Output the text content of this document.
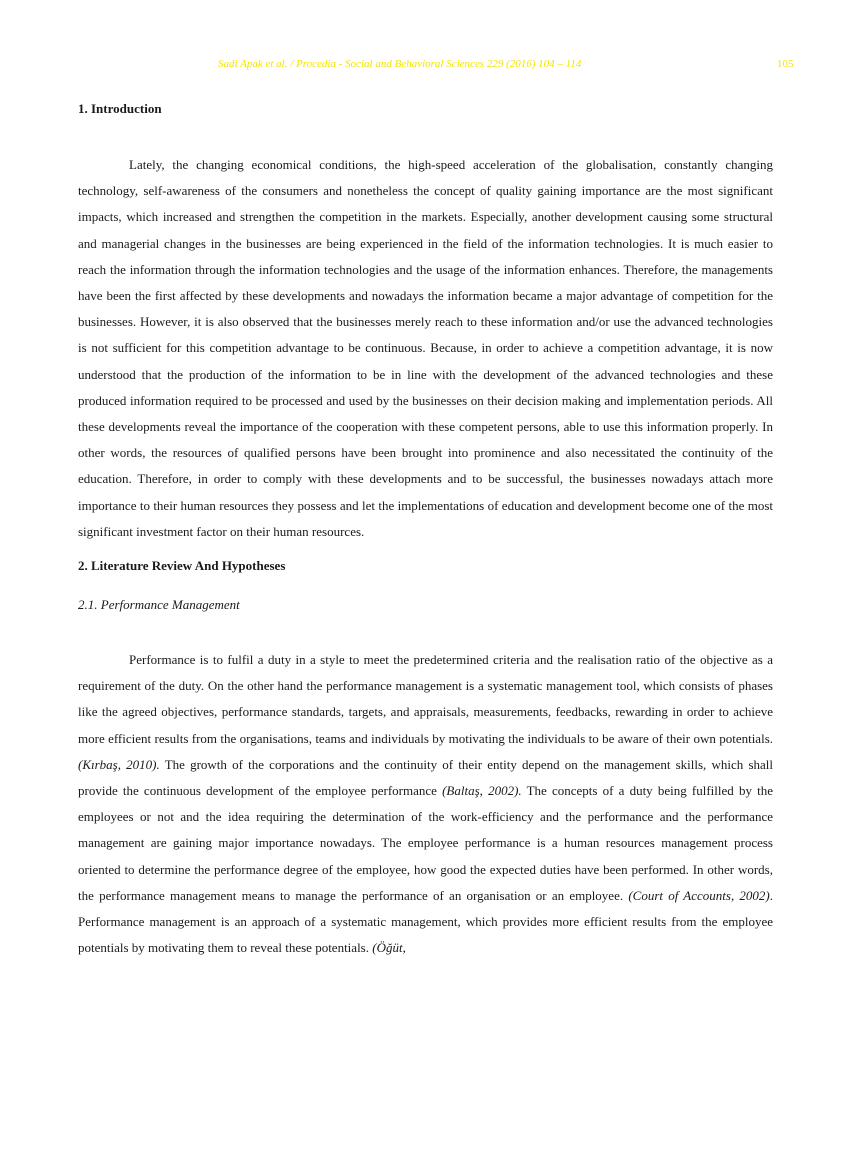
Sadi Apak et al. / Procedia - Social and Behavioral Sciences 229 (2016) 104 – 114	105
1. Introduction

Lately, the changing economical conditions, the high-speed acceleration of the globalisation, constantly changing technology, self-awareness of the consumers and nonetheless the concept of quality gaining importance are the most significant impacts, which increased and strengthen the competition in the markets. Especially, another development causing some structural and managerial changes in the businesses are being experienced in the field of the information technologies. It is much easier to reach the information through the information technologies and the usage of the information enhances. Therefore, the managements have been the first affected by these developments and nowadays the information became a major advantage of competition for the businesses. However, it is also observed that the businesses merely reach to these information and/or use the advanced technologies is not sufficient for this competition advantage to be continuous. Because, in order to achieve a competition advantage, it is now understood that the production of the information to be in line with the development of the advanced technologies and these produced information required to be processed and used by the businesses on their decision making and implementation periods. All these developments reveal the importance of the cooperation with these competent persons, able to use this information properly. In other words, the resources of qualified persons have been brought into prominence and also necessitated the continuity of the education. Therefore, in order to comply with these developments and to be successful, the businesses nowadays attach more importance to their human resources they possess and let the implementations of education and development become one of the most significant investment factor on their human resources.

2. Literature Review And Hypotheses
2.1. Performance Management

Performance is to fulfil a duty in a style to meet the predetermined criteria and the realisation ratio of the objective as a requirement of the duty. On the other hand the performance management is a systematic management tool, which consists of phases like the agreed objectives, performance standards, targets, and appraisals, measurements, feedbacks, rewarding in order to achieve more efficient results from the organisations, teams and individuals by motivating the individuals to be aware of their own potentials. (Kırbaş, 2010). The growth of the corporations and the continuity of their entity depend on the management skills, which shall provide the continuous development of the employee performance (Baltaş, 2002). The concepts of a duty being fulfilled by the employees or not and the idea requiring the determination of the work-efficiency and the performance and the performance management are gaining major importance nowadays. The employee performance is a human resources management process oriented to determine the performance degree of the employee, how good the expected duties have been performed. In other words, the performance management means to manage the performance of an organisation or an employee. (Court of Accounts, 2002). Performance management is an approach of a systematic management, which provides more efficient results from the employee potentials by motivating them to reveal these potentials. (Öğüt,
